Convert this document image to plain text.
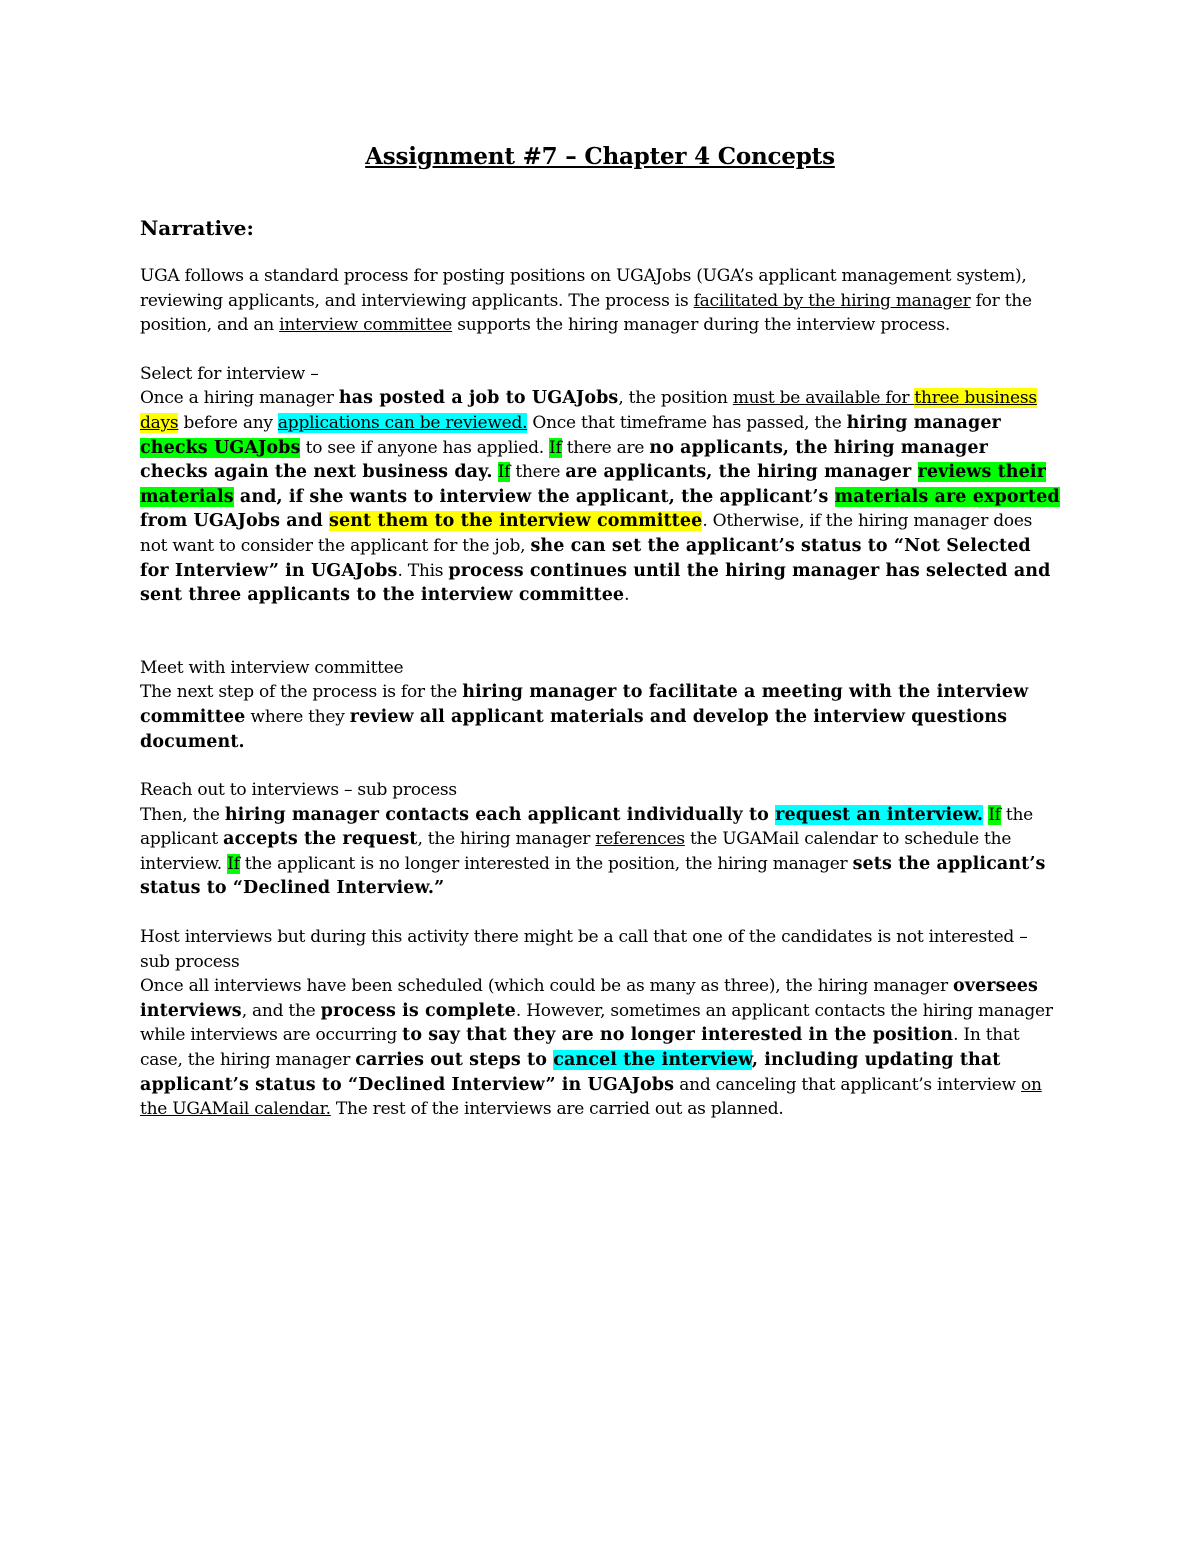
Assignment #7 – Chapter 4 Concepts
Narrative:

UGA follows a standard process for posting positions on UGAJobs (UGA’s applicant management system), reviewing applicants, and interviewing applicants. The process is facilitated by the hiring manager for the position, and an interview committee supports the hiring manager during the interview process.

Select for interview –
Once a hiring manager has posted a job to UGAJobs, the position must be available for three business days before any applications can be reviewed. Once that timeframe has passed, the hiring manager checks UGAJobs to see if anyone has applied. If there are no applicants, the hiring manager checks again the next business day. If there are applicants, the hiring manager reviews their materials and, if she wants to interview the applicant, the applicant’s materials are exported from UGAJobs and sent them to the interview committee. Otherwise, if the hiring manager does not want to consider the applicant for the job, she can set the applicant’s status to “Not Selected for Interview” in UGAJobs. This process continues until the hiring manager has selected and sent three applicants to the interview committee.

Meet with interview committee
The next step of the process is for the hiring manager to facilitate a meeting with the interview committee where they review all applicant materials and develop the interview questions document.

Reach out to interviews – sub process
Then, the hiring manager contacts each applicant individually to request an interview. If the applicant accepts the request, the hiring manager references the UGAMail calendar to schedule the interview. If the applicant is no longer interested in the position, the hiring manager sets the applicant’s status to “Declined Interview.”

Host interviews but during this activity there might be a call that one of the candidates is not interested – sub process
Once all interviews have been scheduled (which could be as many as three), the hiring manager oversees interviews, and the process is complete. However, sometimes an applicant contacts the hiring manager while interviews are occurring to say that they are no longer interested in the position. In that case, the hiring manager carries out steps to cancel the interview, including updating that applicant’s status to “Declined Interview” in UGAJobs and canceling that applicant’s interview on the UGAMail calendar. The rest of the interviews are carried out as planned.
